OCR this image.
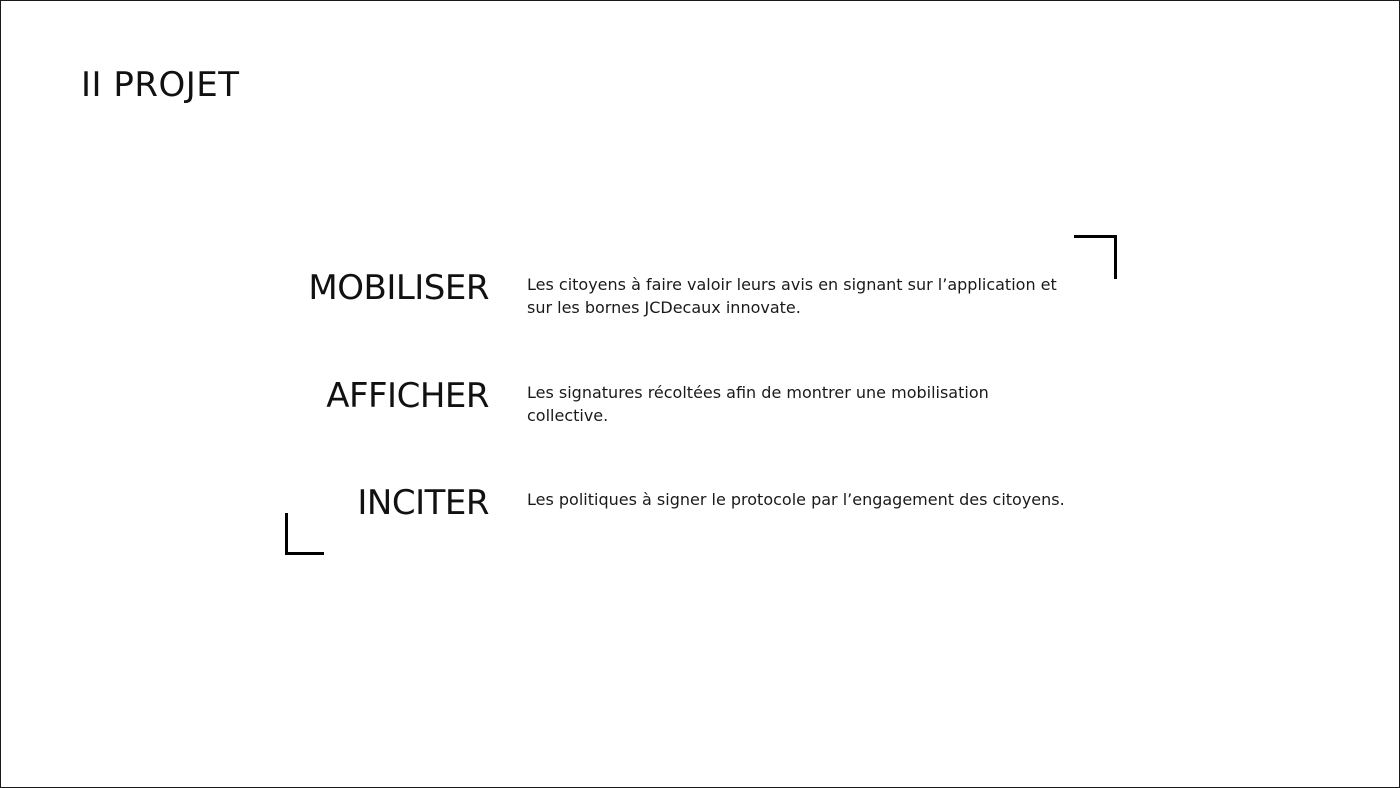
II PROJET
MOBILISER Les citoyens à faire valoir leurs avis en signant sur l’application et sur les bornes JCDecaux innovate.

AFFICHER Les signatures récoltées afin de montrer une mobilisation collective.

INCITER Les politiques à signer le protocole par l’engagement des citoyens.
